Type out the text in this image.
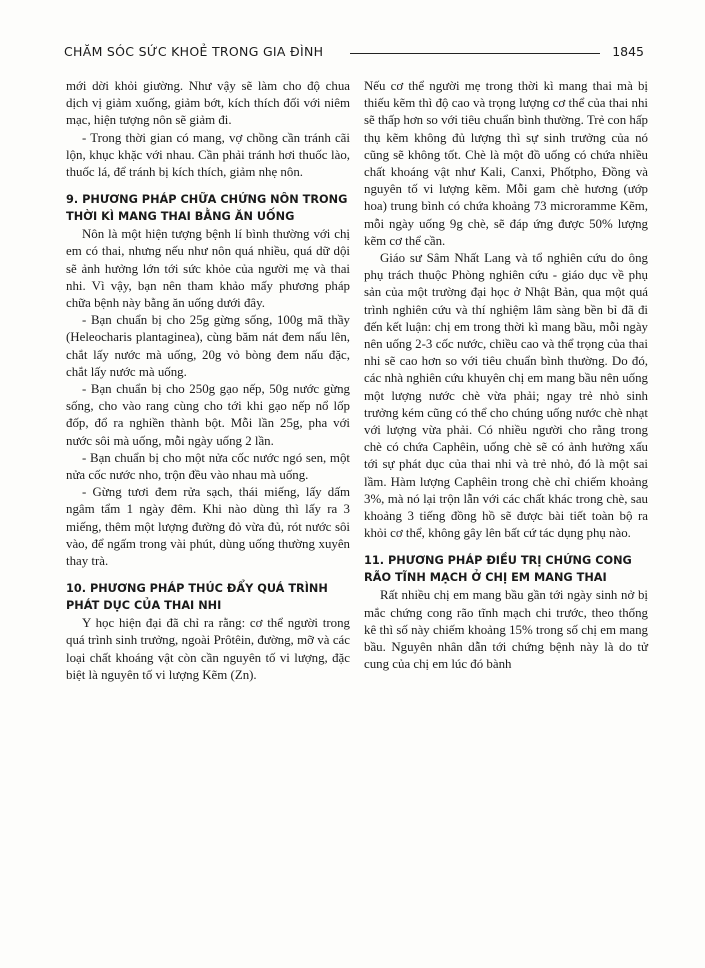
CHĂM SÓC SỨC KHOẺ TRONG GIA ĐÌNH	1845

mới dời khỏi giường. Như vậy sẽ làm cho độ chua dịch vị giảm xuống, giảm bớt, kích thích đối với niêm mạc, hiện tượng nôn sẽ giảm đi.

- Trong thời gian có mang, vợ chồng cần tránh cãi lộn, khục khặc với nhau. Cần phải tránh hơi thuốc lào, thuốc lá, để tránh bị kích thích, giảm nhẹ nôn.

9. PHƯƠNG PHÁP CHỮA CHỨNG NÔN TRONG THỜI KÌ MANG THAI BẰNG ĂN UỐNG

Nôn là một hiện tượng bệnh lí bình thường với chị em có thai, nhưng nếu như nôn quá nhiều, quá dữ dội sẽ ảnh hưởng lớn tới sức khỏe của người mẹ và thai nhi. Vì vậy, bạn nên tham khảo mấy phương pháp chữa bệnh này bằng ăn uống dưới đây.

- Bạn chuẩn bị cho 25g gừng sống, 100g mã thầy (Heleocharis plantaginea), cùng băm nát đem nấu lên, chắt lấy nước mà uống, 20g vỏ bòng đem nấu đặc, chắt lấy nước mà uống.

- Bạn chuẩn bị cho 250g gạo nếp, 50g nước gừng sống, cho vào rang cùng cho tới khi gạo nếp nổ lốp đốp, đổ ra nghiền thành bột. Mỗi lần 25g, pha với nước sôi mà uống, mỗi ngày uống 2 lần.

- Bạn chuẩn bị cho một nửa cốc nước ngó sen, một nửa cốc nước nho, trộn đều vào nhau mà uống.

- Gừng tươi đem rửa sạch, thái miếng, lấy dấm ngâm tẩm 1 ngày đêm. Khi nào dùng thì lấy ra 3 miếng, thêm một lượng đường đỏ vừa đủ, rót nước sôi vào, để ngấm trong vài phút, dùng uống thường xuyên thay trà.

10. PHƯƠNG PHÁP THÚC ĐẨY QUÁ TRÌNH PHÁT DỤC CỦA THAI NHI

Y học hiện đại đã chỉ ra rằng: cơ thể người trong quá trình sinh trưởng, ngoài Prôtêin, đường, mỡ và các loại chất khoáng vật còn cần nguyên tố vi lượng, đặc biệt là nguyên tố vi lượng Kẽm (Zn).

Nếu cơ thể người mẹ trong thời kì mang thai mà bị thiếu kẽm thì độ cao và trọng lượng cơ thể của thai nhi sẽ thấp hơn so với tiêu chuẩn bình thường. Trẻ con hấp thụ kẽm không đủ lượng thì sự sinh trưởng của nó cũng sẽ không tốt. Chè là một đồ uống có chứa nhiều chất khoáng vật như Kali, Canxi, Phốtpho, Đồng và nguyên tố vi lượng kẽm. Mỗi gam chè hương (ướp hoa) trung bình có chứa khoảng 73 microramme Kẽm, mỗi ngày uống 9g chè, sẽ đáp ứng được 50% lượng kẽm cơ thể cần.

Giáo sư Sâm Nhất Lang và tổ nghiên cứu do ông phụ trách thuộc Phòng nghiên cứu - giáo dục về phụ sản của một trường đại học ở Nhật Bản, qua một quá trình nghiên cứu và thí nghiệm lâm sàng bền bỉ đã đi đến kết luận: chị em trong thời kì mang bầu, mỗi ngày nên uống 2-3 cốc nước, chiều cao và thể trọng của thai nhi sẽ cao hơn so với tiêu chuẩn bình thường. Do đó, các nhà nghiên cứu khuyên chị em mang bầu nên uống một lượng nước chè vừa phải; ngay trẻ nhỏ sinh trưởng kém cũng có thể cho chúng uống nước chè nhạt với lượng vừa phải. Có nhiều người cho rằng trong chè có chứa Caphêin, uống chè sẽ có ảnh hưởng xấu tới sự phát dục của thai nhi và trẻ nhỏ, đó là một sai lầm. Hàm lượng Caphêin trong chè chỉ chiếm khoảng 3%, mà nó lại trộn lẫn với các chất khác trong chè, sau khoảng 3 tiếng đồng hồ sẽ được bài tiết toàn bộ ra khỏi cơ thể, không gây lên bất cứ tác dụng phụ nào.

11. PHƯƠNG PHÁP ĐIỀU TRỊ CHỨNG CONG RÃO TĨNH MẠCH Ở CHỊ EM MANG THAI

Rất nhiều chị em mang bầu gần tới ngày sinh nở bị mắc chứng cong rão tĩnh mạch chi trước, theo thống kê thì số này chiếm khoảng 15% trong số chị em mang bầu. Nguyên nhân dẫn tới chứng bệnh này là do tử cung của chị em lúc đó bành
